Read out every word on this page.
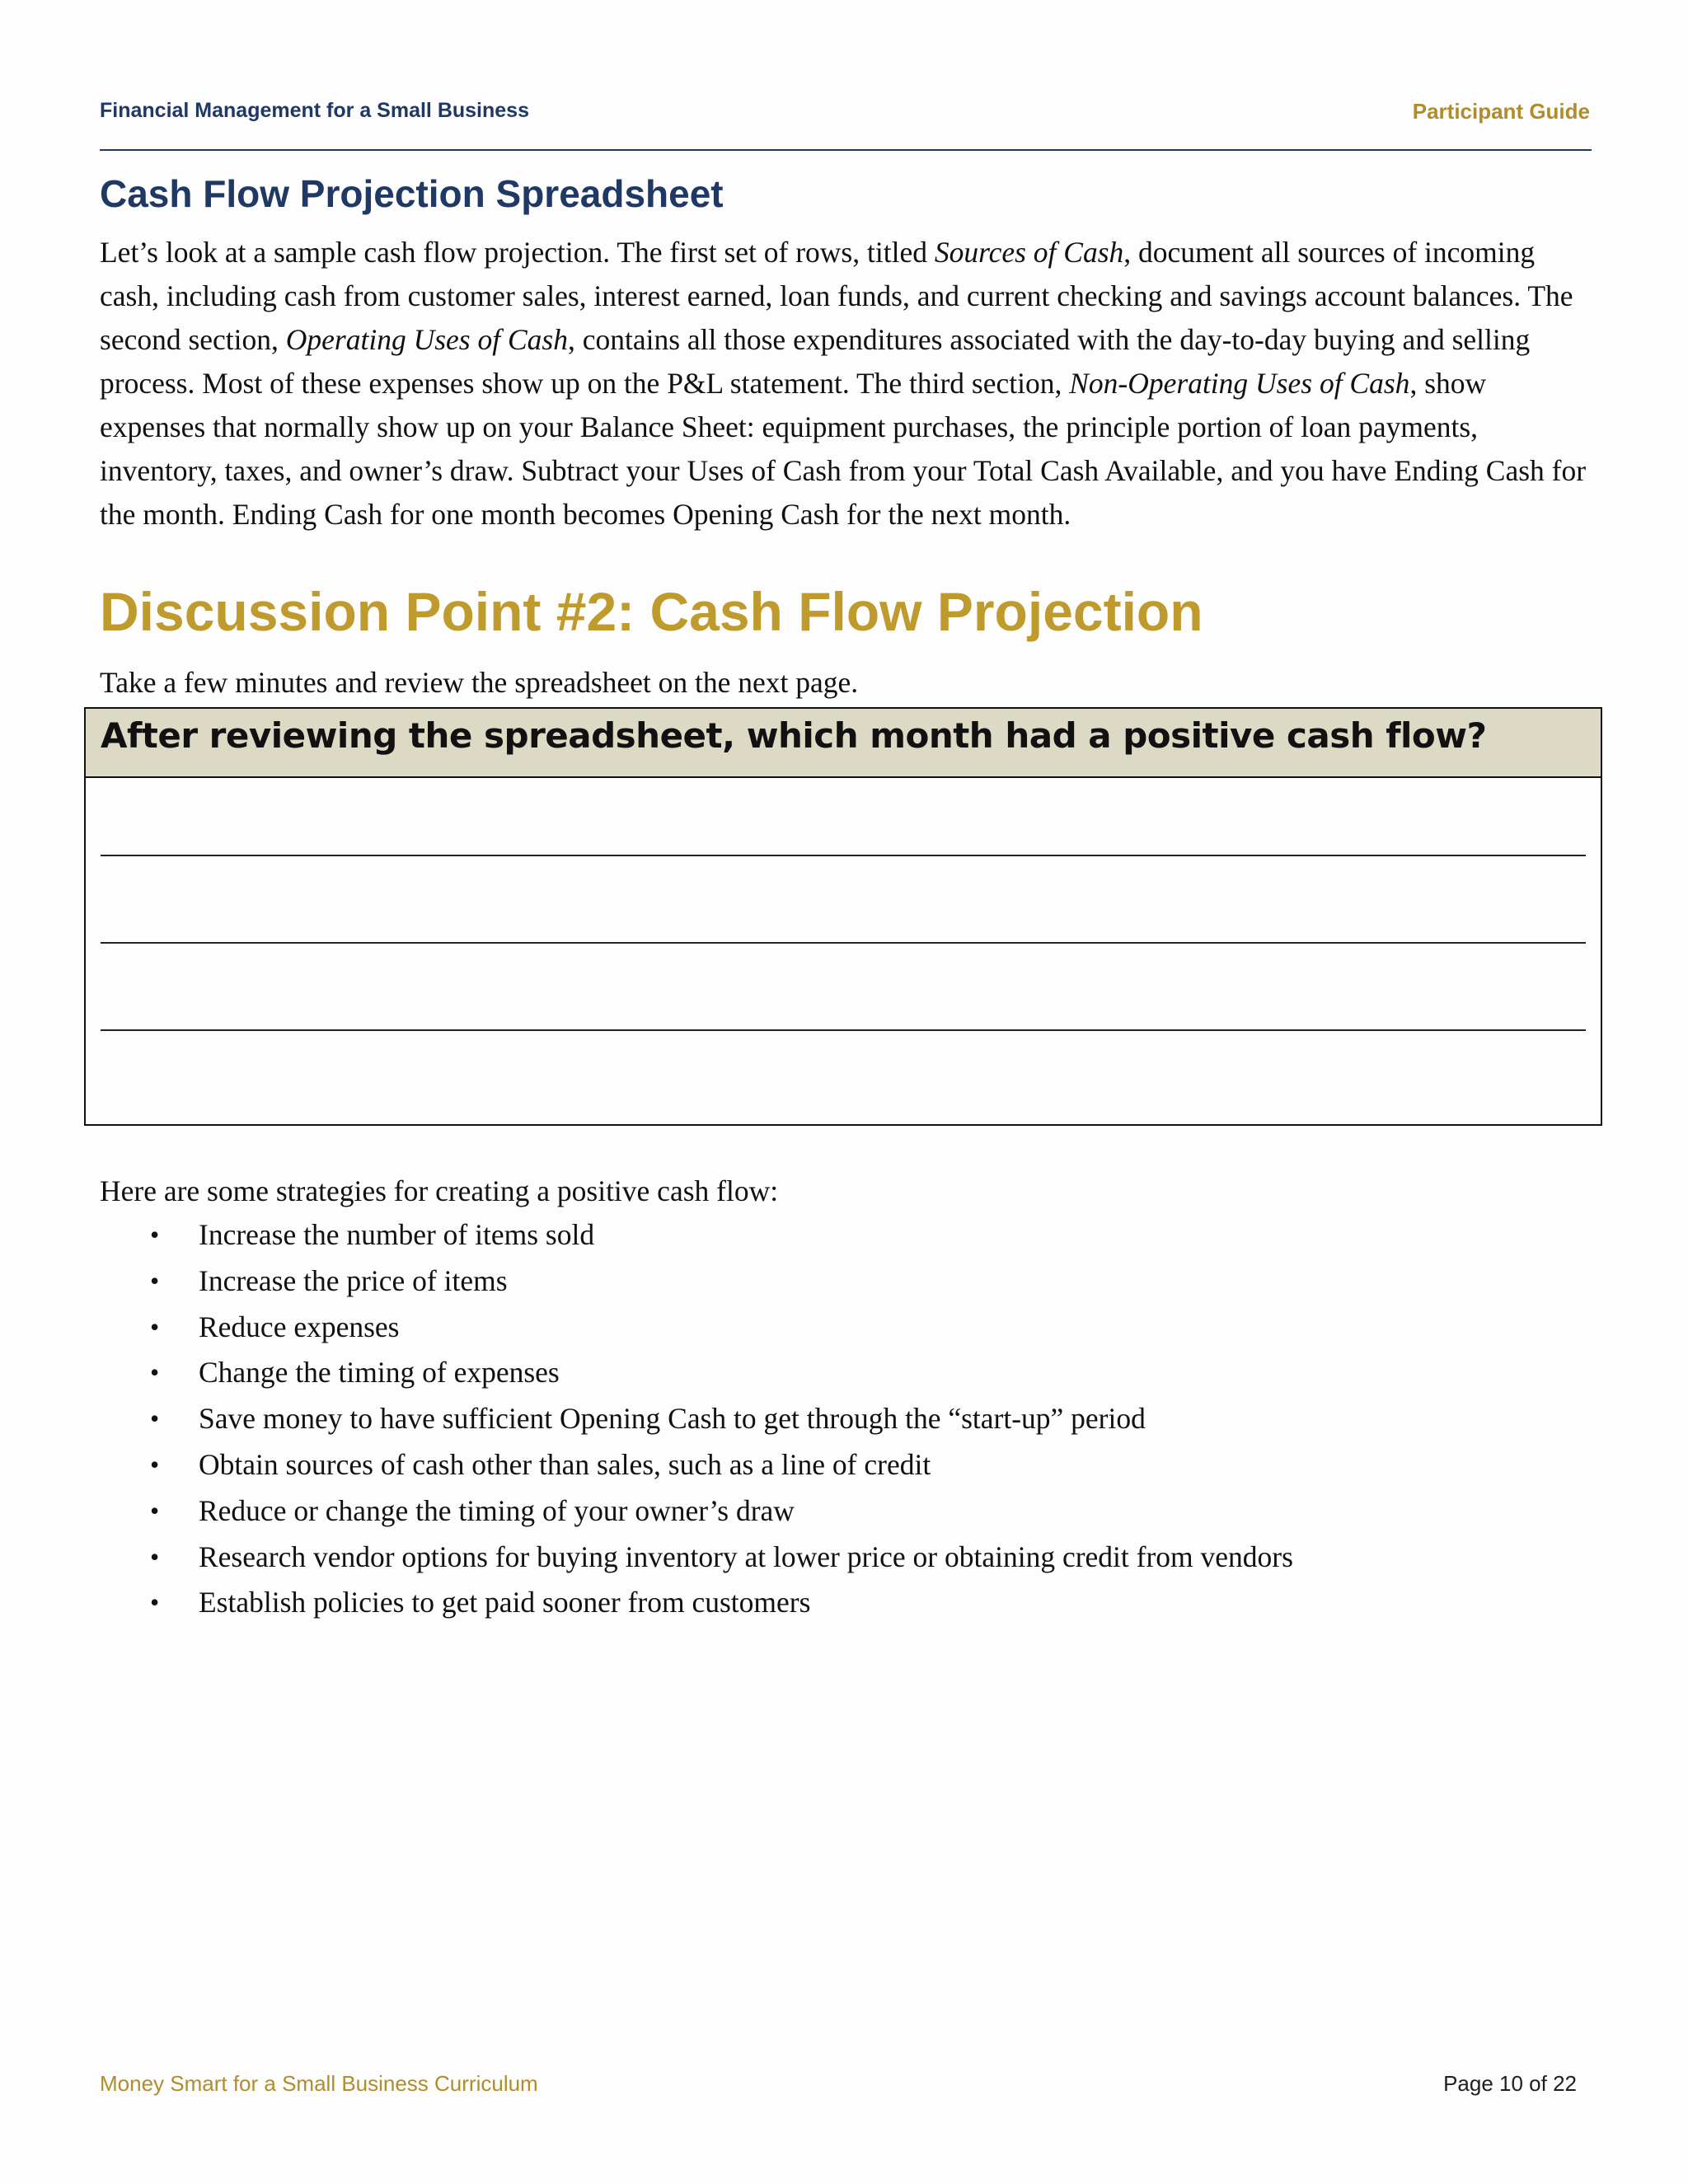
Financial Management for a Small Business	Participant Guide
Cash Flow Projection Spreadsheet

Let’s look at a sample cash flow projection. The first set of rows, titled Sources of Cash, document all sources of incoming cash, including cash from customer sales, interest earned, loan funds, and current checking and savings account balances. The second section, Operating Uses of Cash, contains all those expenditures associated with the day-to-day buying and selling process. Most of these expenses show up on the P&L statement. The third section, Non-Operating Uses of Cash, show expenses that normally show up on your Balance Sheet: equipment purchases, the principle portion of loan payments, inventory, taxes, and owner’s draw. Subtract your Uses of Cash from your Total Cash Available, and you have Ending Cash for the month. Ending Cash for one month becomes Opening Cash for the next month.

Discussion Point #2: Cash Flow Projection

Take a few minutes and review the spreadsheet on the next page.

After reviewing the spreadsheet, which month had a positive cash flow?

Here are some strategies for creating a positive cash flow:

• Increase the number of items sold
• Increase the price of items
• Reduce expenses
• Change the timing of expenses
• Save money to have sufficient Opening Cash to get through the “start-up” period
• Obtain sources of cash other than sales, such as a line of credit
• Reduce or change the timing of your owner’s draw
• Research vendor options for buying inventory at lower price or obtaining credit from vendors
• Establish policies to get paid sooner from customers
Money Smart for a Small Business Curriculum	Page 10 of 22
